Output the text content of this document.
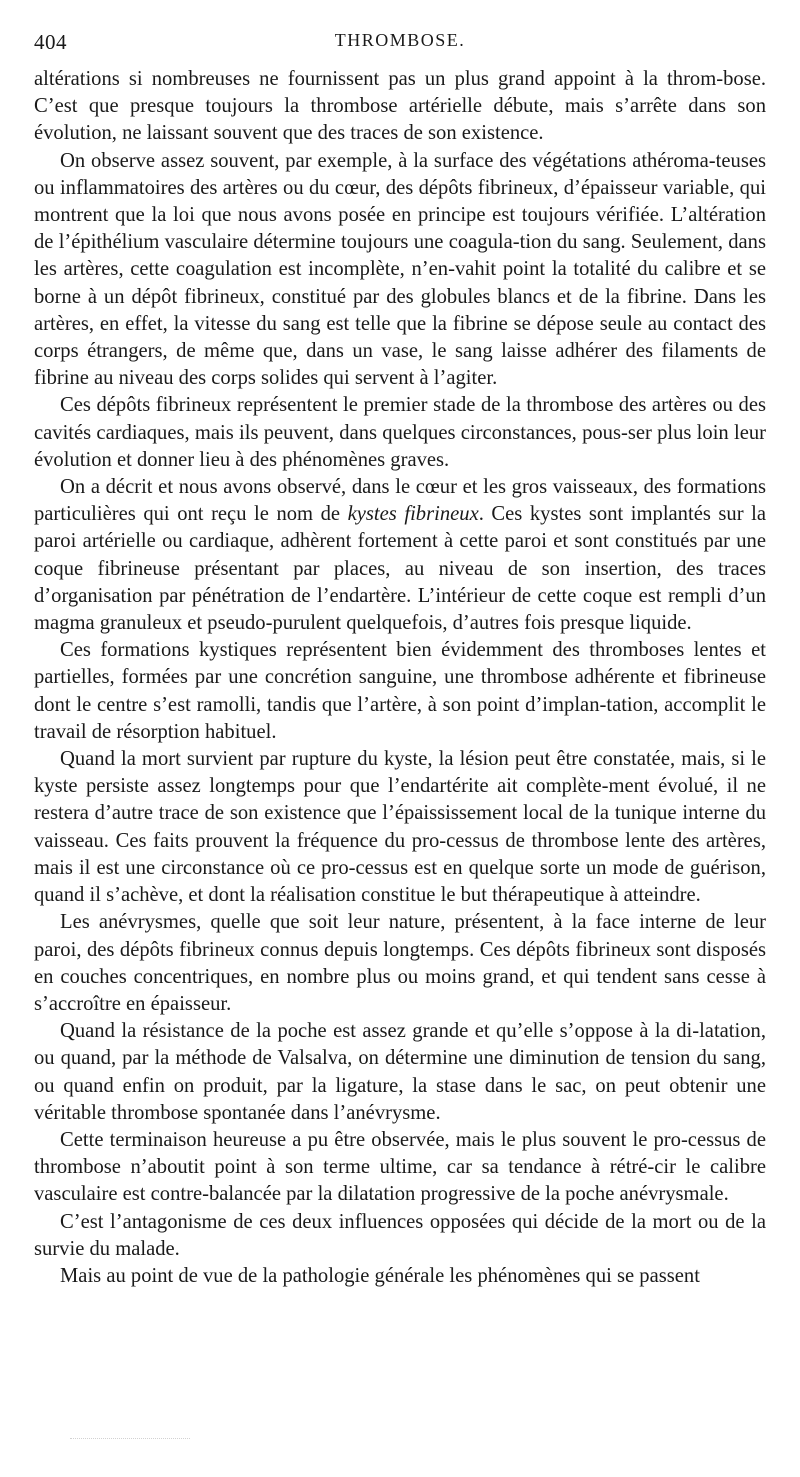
404	THROMBOSE.

altérations si nombreuses ne fournissent pas un plus grand appoint à la throm-bose. C’est que presque toujours la thrombose artérielle débute, mais s’arrête dans son évolution, ne laissant souvent que des traces de son existence.

On observe assez souvent, par exemple, à la surface des végétations athéroma-teuses ou inflammatoires des artères ou du cœur, des dépôts fibrineux, d’épaisseur variable, qui montrent que la loi que nous avons posée en principe est toujours vérifiée. L’altération de l’épithélium vasculaire détermine toujours une coagula-tion du sang. Seulement, dans les artères, cette coagulation est incomplète, n’en-vahit point la totalité du calibre et se borne à un dépôt fibrineux, constitué par des globules blancs et de la fibrine. Dans les artères, en effet, la vitesse du sang est telle que la fibrine se dépose seule au contact des corps étrangers, de même que, dans un vase, le sang laisse adhérer des filaments de fibrine au niveau des corps solides qui servent à l’agiter.

Ces dépôts fibrineux représentent le premier stade de la thrombose des artères ou des cavités cardiaques, mais ils peuvent, dans quelques circonstances, pous-ser plus loin leur évolution et donner lieu à des phénomènes graves.

On a décrit et nous avons observé, dans le cœur et les gros vaisseaux, des formations particulières qui ont reçu le nom de kystes fibrineux. Ces kystes sont implantés sur la paroi artérielle ou cardiaque, adhèrent fortement à cette paroi et sont constitués par une coque fibrineuse présentant par places, au niveau de son insertion, des traces d’organisation par pénétration de l’endartère. L’intérieur de cette coque est rempli d’un magma granuleux et pseudo-purulent quelquefois, d’autres fois presque liquide.

Ces formations kystiques représentent bien évidemment des thromboses lentes et partielles, formées par une concrétion sanguine, une thrombose adhérente et fibrineuse dont le centre s’est ramolli, tandis que l’artère, à son point d’implan-tation, accomplit le travail de résorption habituel.

Quand la mort survient par rupture du kyste, la lésion peut être constatée, mais, si le kyste persiste assez longtemps pour que l’endartérite ait complète-ment évolué, il ne restera d’autre trace de son existence que l’épaississement local de la tunique interne du vaisseau. Ces faits prouvent la fréquence du pro-cessus de thrombose lente des artères, mais il est une circonstance où ce pro-cessus est en quelque sorte un mode de guérison, quand il s’achève, et dont la réalisation constitue le but thérapeutique à atteindre.

Les anévrysmes, quelle que soit leur nature, présentent, à la face interne de leur paroi, des dépôts fibrineux connus depuis longtemps. Ces dépôts fibrineux sont disposés en couches concentriques, en nombre plus ou moins grand, et qui tendent sans cesse à s’accroître en épaisseur.

Quand la résistance de la poche est assez grande et qu’elle s’oppose à la di-latation, ou quand, par la méthode de Valsalva, on détermine une diminution de tension du sang, ou quand enfin on produit, par la ligature, la stase dans le sac, on peut obtenir une véritable thrombose spontanée dans l’anévrysme.

Cette terminaison heureuse a pu être observée, mais le plus souvent le pro-cessus de thrombose n’aboutit point à son terme ultime, car sa tendance à rétré-cir le calibre vasculaire est contre-balancée par la dilatation progressive de la poche anévrysmale.

C’est l’antagonisme de ces deux influences opposées qui décide de la mort ou de la survie du malade.

Mais au point de vue de la pathologie générale les phénomènes qui se passent
